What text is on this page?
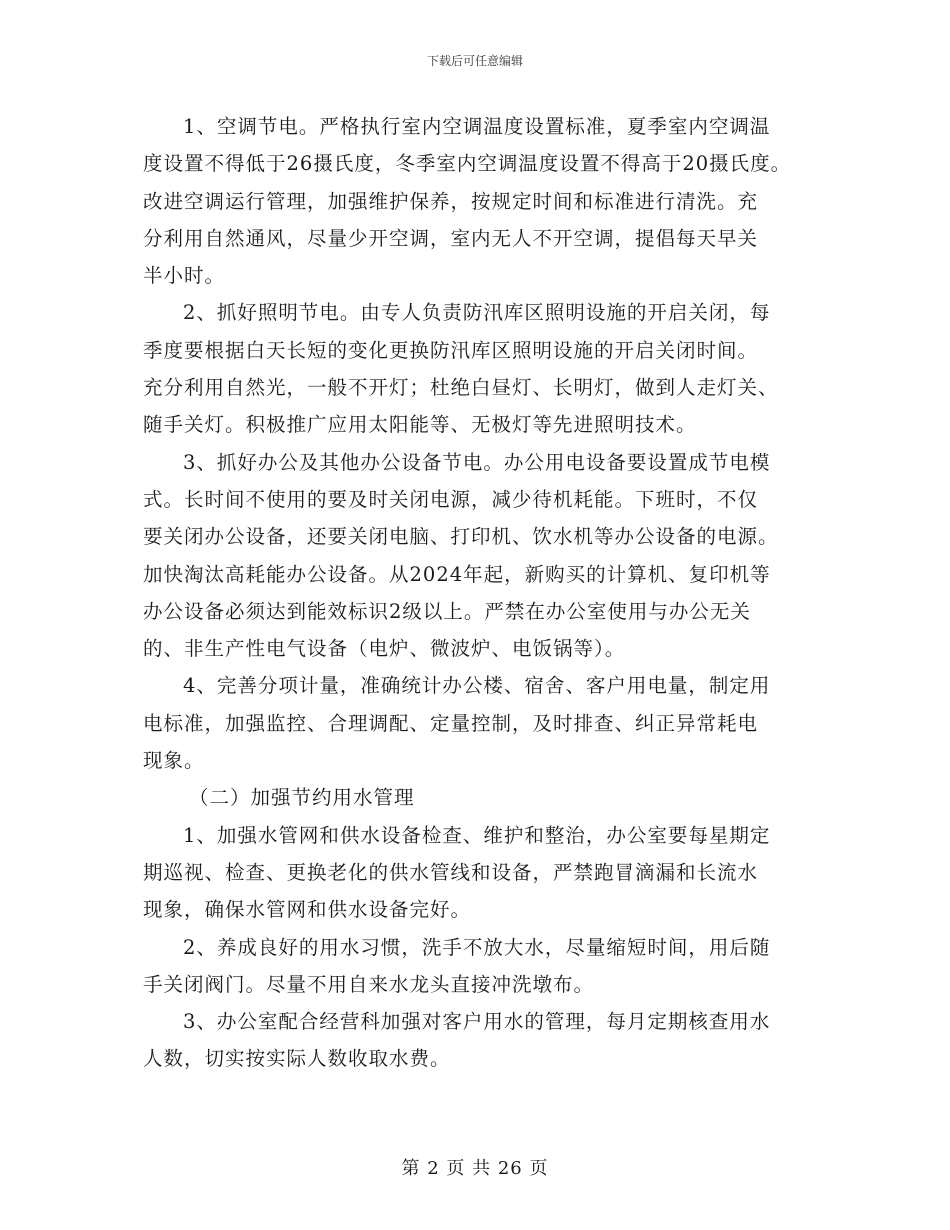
下载后可任意编辑
1、空调节电。严格执行室内空调温度设置标准，夏季室内空调温
度设置不得低于26摄氏度，冬季室内空调温度设置不得高于20摄氏度。
改进空调运行管理，加强维护保养，按规定时间和标准进行清洗。充
分利用自然通风，尽量少开空调，室内无人不开空调，提倡每天早关
半小时。
2、抓好照明节电。由专人负责防汛库区照明设施的开启关闭，每
季度要根据白天长短的变化更换防汛库区照明设施的开启关闭时间。
充分利用自然光，一般不开灯；杜绝白昼灯、长明灯，做到人走灯关、
随手关灯。积极推广应用太阳能等、无极灯等先进照明技术。
3、抓好办公及其他办公设备节电。办公用电设备要设置成节电模
式。长时间不使用的要及时关闭电源，减少待机耗能。下班时，不仅
要关闭办公设备，还要关闭电脑、打印机、饮水机等办公设备的电源。
加快淘汰高耗能办公设备。从2024年起，新购买的计算机、复印机等
办公设备必须达到能效标识2级以上。严禁在办公室使用与办公无关
的、非生产性电气设备（电炉、微波炉、电饭锅等）。
4、完善分项计量，准确统计办公楼、宿舍、客户用电量，制定用
电标准，加强监控、合理调配、定量控制，及时排查、纠正异常耗电
现象。
（二）加强节约用水管理
1、加强水管网和供水设备检查、维护和整治，办公室要每星期定
期巡视、检查、更换老化的供水管线和设备，严禁跑冒滴漏和长流水
现象，确保水管网和供水设备完好。
2、养成良好的用水习惯，洗手不放大水，尽量缩短时间，用后随
手关闭阀门。尽量不用自来水龙头直接冲洗墩布。
3、办公室配合经营科加强对客户用水的管理，每月定期核查用水
人数，切实按实际人数收取水费。
第 2 页 共 26 页
